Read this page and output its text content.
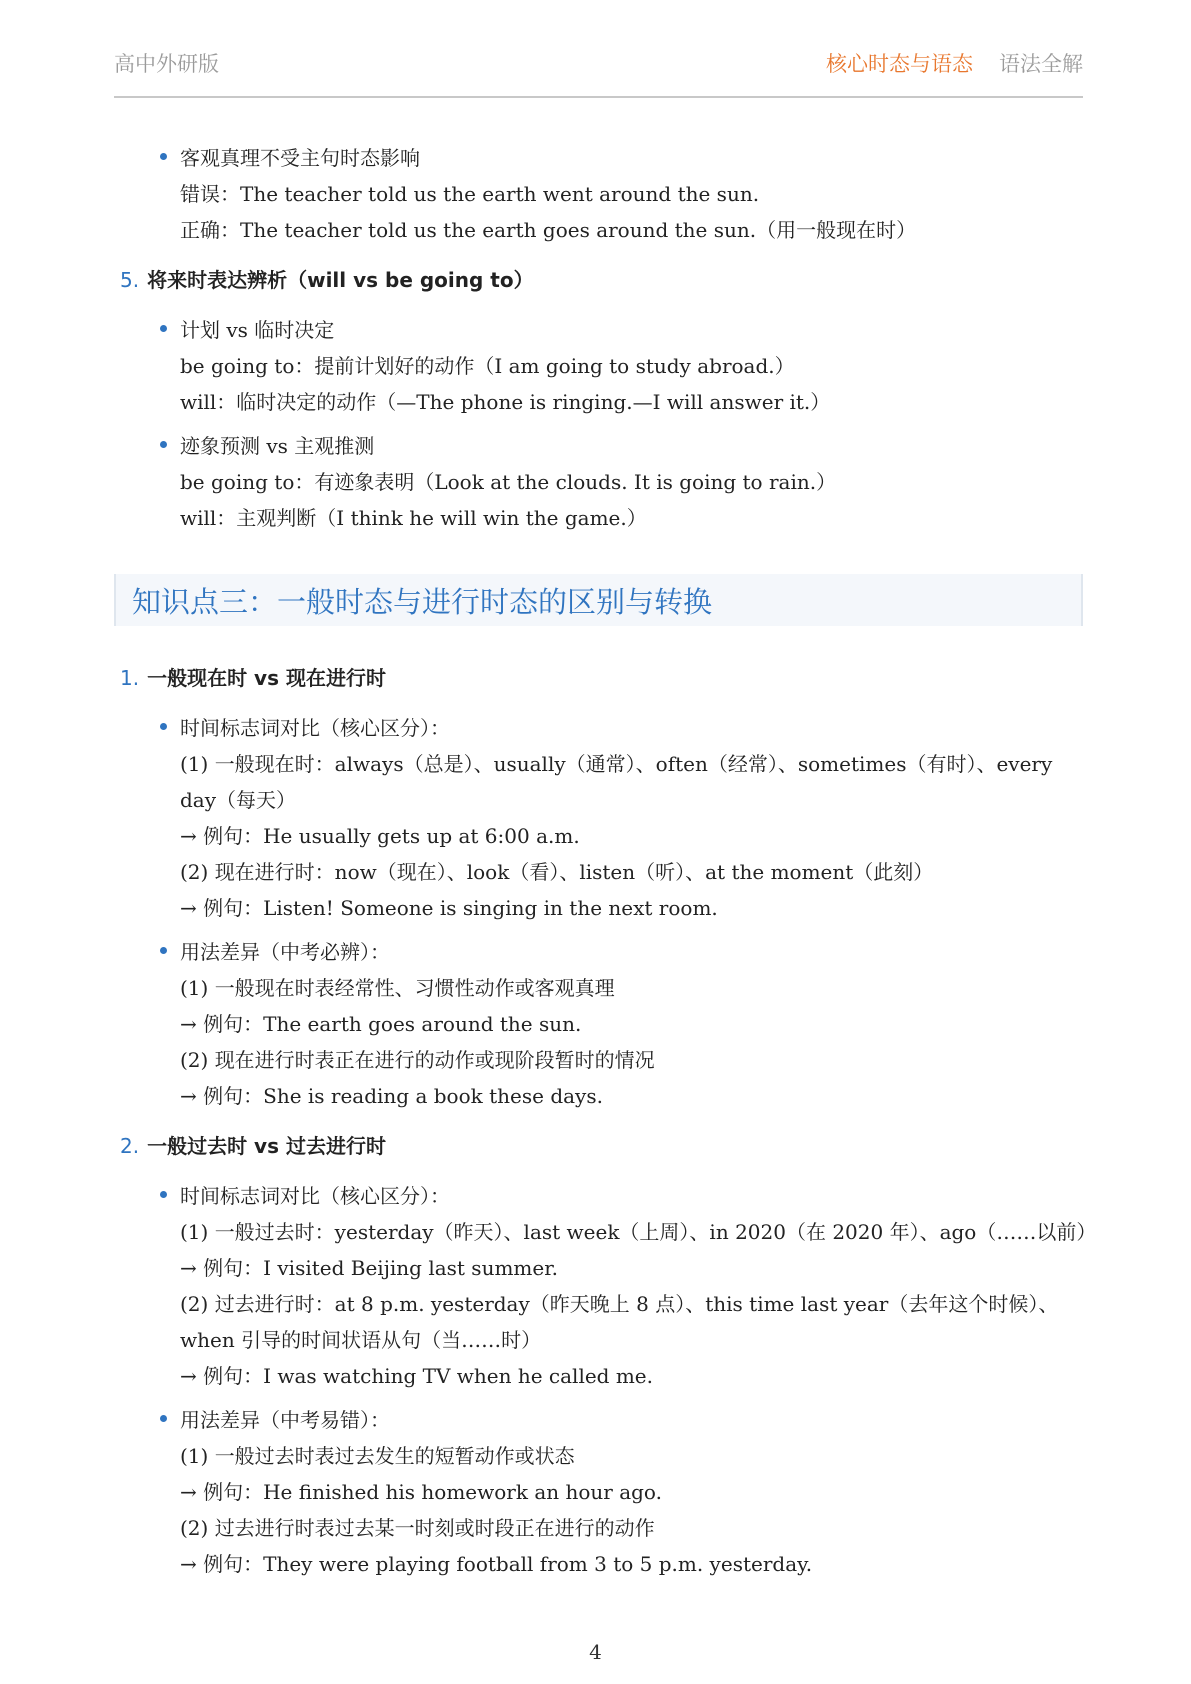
高中外研版	核心时态与语态 语法全解
客观真理不受主句时态影响
错误：The teacher told us the earth went around the sun.
正确：The teacher told us the earth goes around the sun.（用一般现在时）
5. 将来时表达辨析（will vs be going to）
计划 vs 临时决定
be going to：提前计划好的动作（I am going to study abroad.）
will：临时决定的动作（—The phone is ringing.—I will answer it.）
迹象预测 vs 主观推测
be going to：有迹象表明（Look at the clouds. It is going to rain.）
will：主观判断（I think he will win the game.）
知识点三：一般时态与进行时态的区别与转换
1. 一般现在时 vs 现在进行时
时间标志词对比（核心区分）：
(1) 一般现在时：always（总是）、usually（通常）、often（经常）、sometimes（有时）、every day（每天）
→ 例句：He usually gets up at 6:00 a.m.
(2) 现在进行时：now（现在）、look（看）、listen（听）、at the moment（此刻）
→ 例句：Listen! Someone is singing in the next room.
用法差异（中考必辨）：
(1) 一般现在时表经常性、习惯性动作或客观真理
→ 例句：The earth goes around the sun.
(2) 现在进行时表正在进行的动作或现阶段暂时的情况
→ 例句：She is reading a book these days.
2. 一般过去时 vs 过去进行时
时间标志词对比（核心区分）：
(1) 一般过去时：yesterday（昨天）、last week（上周）、in 2020（在 2020 年）、ago（……以前）
→ 例句：I visited Beijing last summer.
(2) 过去进行时：at 8 p.m. yesterday（昨天晚上 8 点）、this time last year（去年这个时候）、when 引导的时间状语从句（当……时）
→ 例句：I was watching TV when he called me.
用法差异（中考易错）：
(1) 一般过去时表过去发生的短暂动作或状态
→ 例句：He finished his homework an hour ago.
(2) 过去进行时表过去某一时刻或时段正在进行的动作
→ 例句：They were playing football from 3 to 5 p.m. yesterday.
4
